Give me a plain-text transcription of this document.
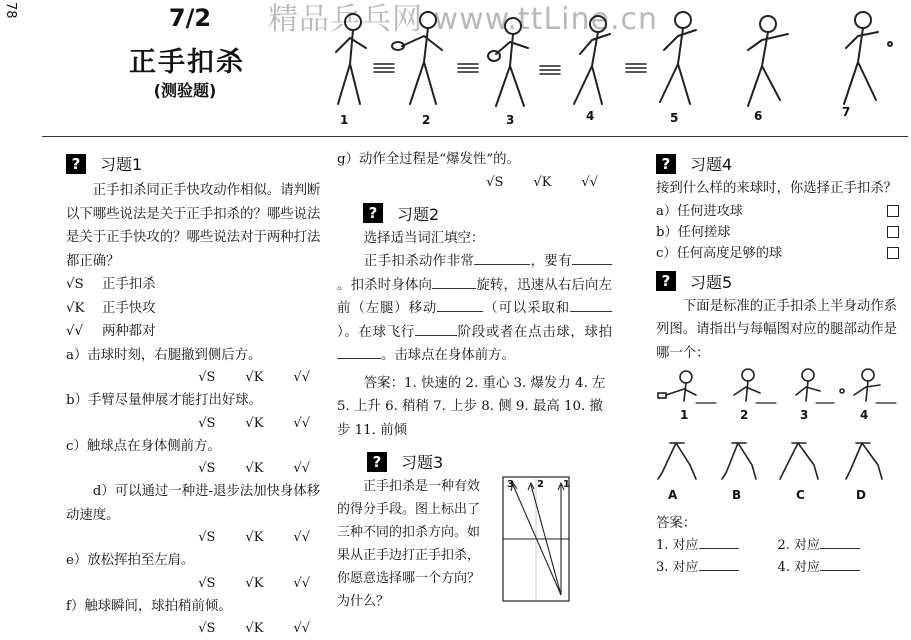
78	精品乒乓网 www.ttLine.cn
7/2
正手扣杀
(测验题)
1	2	3	4	5	6	7
?	习题1
正手扣杀同正手快攻动作相似。请判断以下哪些说法是关于正手扣杀的？哪些说法是关于正手快攻的？哪些说法对于两种打法都正确？
√S 正手扣杀
√K 正手快攻
√√ 两种都对
a）击球时刻，右腿撤到侧后方。
√S √K √√
b）手臂尽量伸展才能打出好球。
√S √K √√
c）触球点在身体侧前方。
√S √K √√
d）可以通过一种进-退步法加快身体移动速度。
√S √K √√
e）放松挥拍至左肩。
√S √K √√
f）触球瞬间，球拍稍前倾。
√S √K √√
g）动作全过程是“爆发性”的。
√S √K √√
?	习题2
选择适当词汇填空：
正手扣杀动作非常	，要有。扣杀时身体向	旋转，迅速从右后向左前（左腿）移动	（可以采取和）。在球飞行	阶段或者在点击球，球拍。击球点在身体前方。
答案：1. 快速的 2. 重心 3. 爆发力 4. 左 5. 上升 6. 稍稍 7. 上步 8. 侧 9. 最高 10. 撤步 11. 前倾
?	习题3
正手扣杀是一种有效的得分手段。图上标出了三种不同的扣杀方向。如果从正手边打正手扣杀，你愿意选择哪一个方向？为什么？
3 2 1
?	习题4
接到什么样的来球时，你选择正手扣杀？
a）任何进攻球
b）任何搓球
c）任何高度足够的球
?	习题5
下面是标准的正手扣杀上半身动作系列图。请指出与每幅图对应的腿部动作是哪一个：
1	2	3	4
A	B	C	D
答案：
1. 对应	2. 对应
3. 对应	4. 对应
